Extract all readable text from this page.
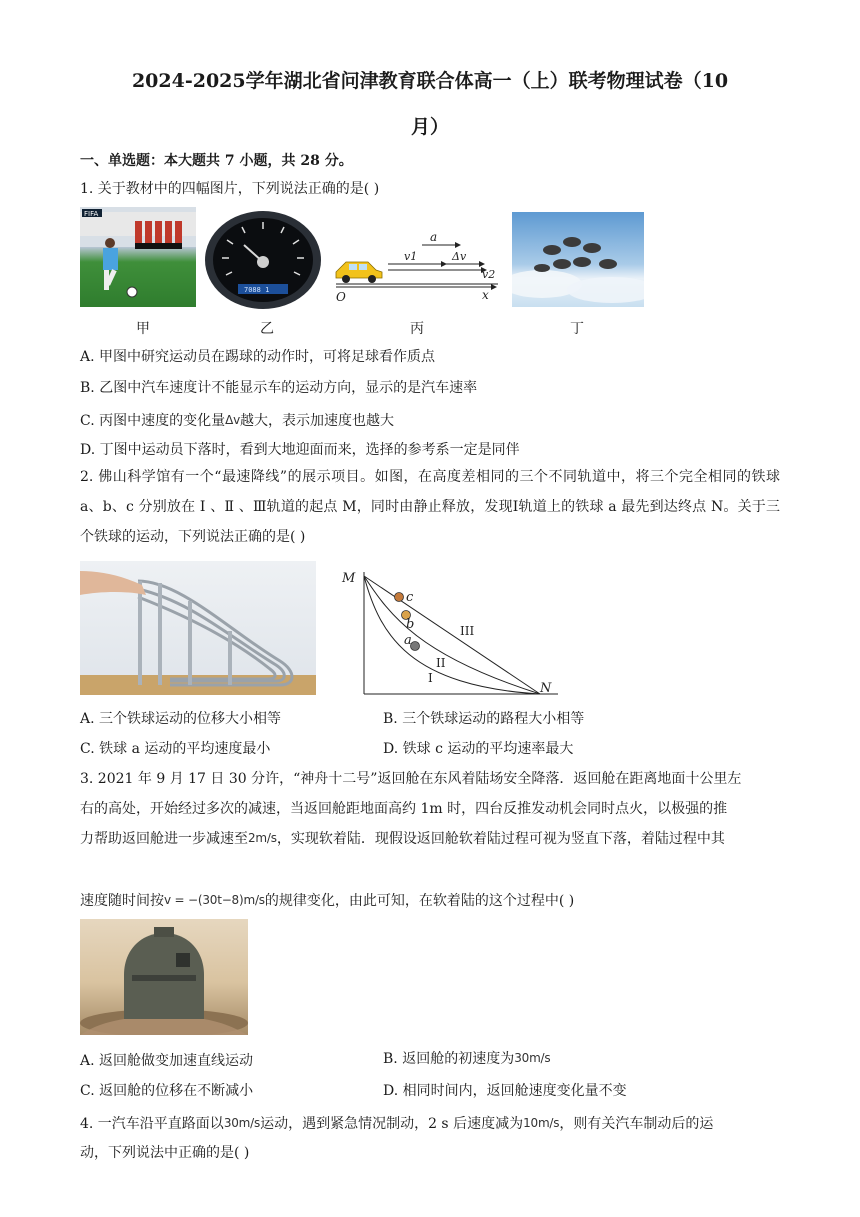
2024-2025学年湖北省问津教育联合体高一（上）联考物理试卷（10
月）
一、单选题：本大题共 7 小题，共 28 分。
1. 关于教材中的四幅图片，下列说法正确的是( )
FIFA
7088 1
a
Δv
v1
v2
O	x
甲	乙	丙	丁
A. 甲图中研究运动员在踢球的动作时，可将足球看作质点
B. 乙图中汽车速度计不能显示车的运动方向，显示的是汽车速率
C. 丙图中速度的变化量Δv越大，表示加速度也越大
D. 丁图中运动员下落时，看到大地迎面而来，选择的参考系一定是同伴
2. 佛山科学馆有一个“最速降线”的展示项目。如图，在高度差相同的三个不同轨道中，将三个完全相同的铁球 a、b、c 分别放在 Ⅰ 、Ⅱ 、Ⅲ轨道的起点 M，同时由静止释放，发现Ⅰ轨道上的铁球 a 最先到达终点 N。关于三个铁球的运动，下列说法正确的是( )
M
N
c
b
a
I
II
III
A. 三个铁球运动的位移大小相等	B. 三个铁球运动的路程大小相等
C. 铁球 a 运动的平均速度最小	D. 铁球 c 运动的平均速率最大
3. 2021 年 9 月 17 日 30 分许，“神舟十二号”返回舱在东风着陆场安全降落．返回舱在距离地面十公里左
右的高处，开始经过多次的减速，当返回舱距地面高约 1m 时，四台反推发动机会同时点火，以极强的推
力帮助返回舱进一步减速至2m/s，实现软着陆．现假设返回舱软着陆过程可视为竖直下落，着陆过程中其
速度随时间按v = −(30t−8)m/s的规律变化，由此可知，在软着陆的这个过程中( )
A. 返回舱做变加速直线运动	B. 返回舱的初速度为30m/s
C. 返回舱的位移在不断减小	D. 相同时间内，返回舱速度变化量不变
4. 一汽车沿平直路面以30m/s运动，遇到紧急情况制动，2 s 后速度减为10m/s，则有关汽车制动后的运
动，下列说法中正确的是( )
